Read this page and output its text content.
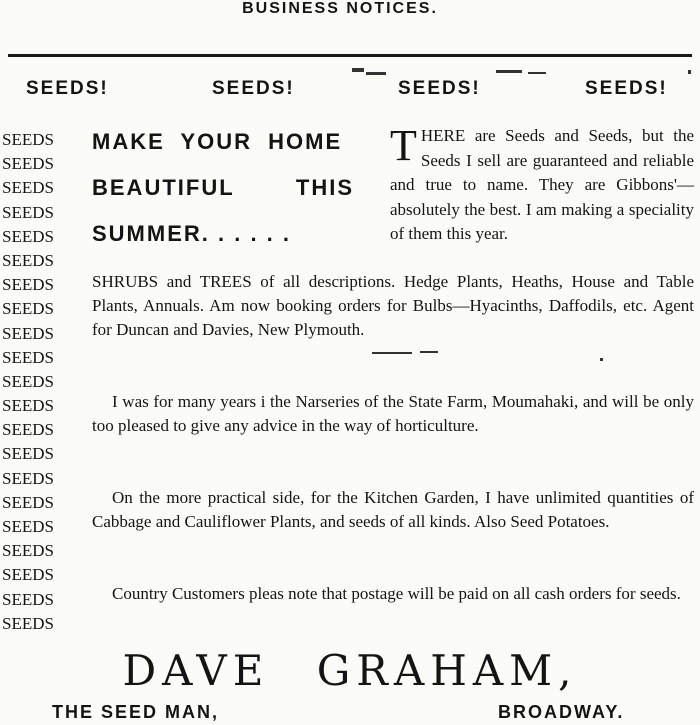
BUSINESS NOTICES.
SEEDS!	SEEDS!	SEEDS!	SEEDS!
SEEDS
SEEDS
SEEDS
SEEDS
SEEDS
SEEDS
SEEDS
SEEDS
SEEDS
SEEDS
SEEDS
SEEDS
SEEDS
SEEDS
SEEDS
SEEDS
SEEDS
SEEDS
SEEDS
SEEDS
SEEDS
MAKE YOUR HOME
BEAUTIFUL	THIS
SUMMER. . . . . .
T HERE are Seeds and Seeds, but the Seeds I sell are guaranteed and reliable and true to name. They are Gibbons'—absolutely the best. I am making a speciality of them this year.
SHRUBS and TREES of all descriptions. Hedge Plants, Heaths, House and Table Plants, Annuals. Am now booking orders for Bulbs—Hyacinths, Daffodils, etc. Agent for Duncan and Davies, New Plymouth.
I was for many years i the Narseries of the State Farm, Moumahaki, and will be only too pleased to give any advice in the way of horticulture.
On the more practical side, for the Kitchen Garden, I have unlimited quantities of Cabbage and Cauliflower Plants, and seeds of all kinds. Also Seed Potatoes.
Country Customers pleas note that postage will be paid on all cash orders for seeds.
DAVE GRAHAM,
THE SEED MAN,	BROADWAY.
